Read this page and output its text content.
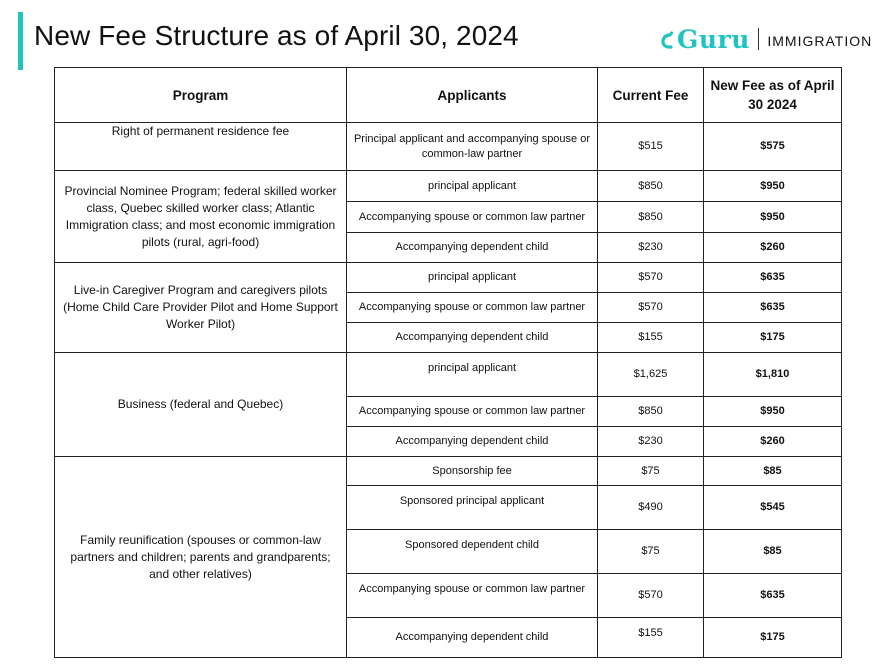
New Fee Structure as of April 30, 2024	Guru IMMIGRATION
Program	Applicants	Current Fee	New Fee as of April 30 2024
Right of permanent residence fee	Principal applicant and accompanying spouse or common-law partner	$515	$575
Provincial Nominee Program; federal skilled worker class, Quebec skilled worker class; Atlantic Immigration class; and most economic immigration pilots (rural, agri-food)	principal applicant	$850	$950
	Accompanying spouse or common law partner	$850	$950
	Accompanying dependent child	$230	$260
Live-in Caregiver Program and caregivers pilots (Home Child Care Provider Pilot and Home Support Worker Pilot)	principal applicant	$570	$635
	Accompanying spouse or common law partner	$570	$635
	Accompanying dependent child	$155	$175
Business (federal and Quebec)	principal applicant	$1,625	$1,810
	Accompanying spouse or common law partner	$850	$950
	Accompanying dependent child	$230	$260
Family reunification (spouses or common-law partners and children; parents and grandparents; and other relatives)	Sponsorship fee	$75	$85
	Sponsored principal applicant	$490	$545
	Sponsored dependent child	$75	$85
	Accompanying spouse or common law partner	$570	$635
	Accompanying dependent child	$155	$175
